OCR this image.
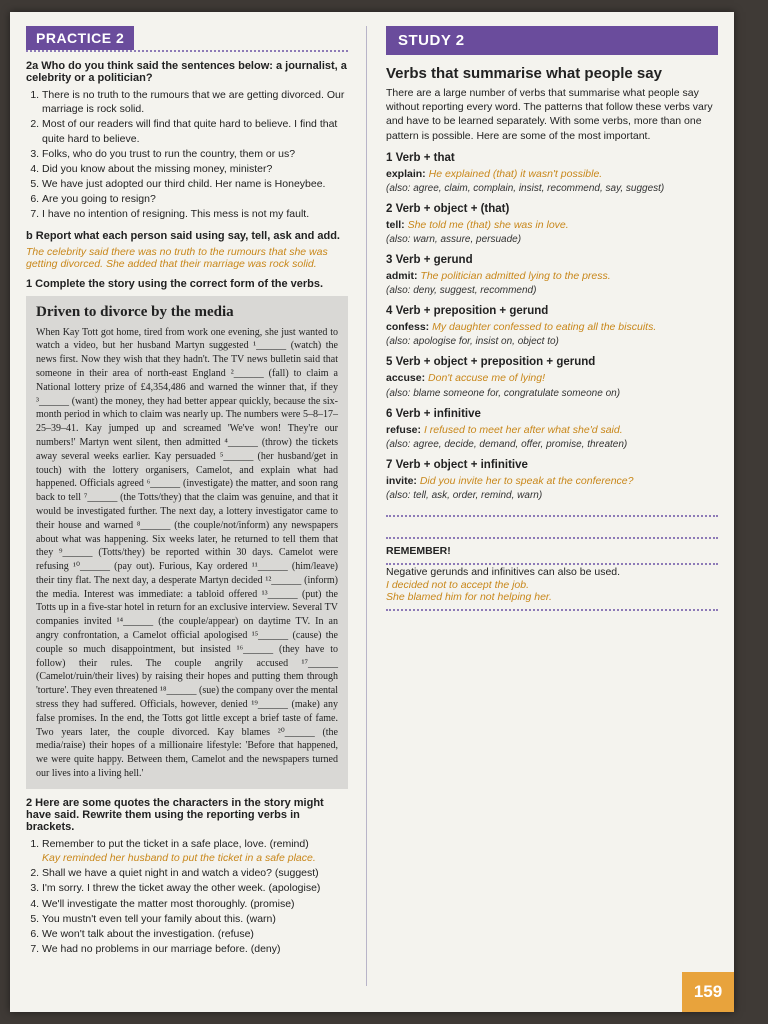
PRACTICE 2

2a Who do you think said the sentences below: a journalist, a celebrity or a politician?

1. There is no truth to the rumours that we are getting divorced. Our marriage is rock solid.
2. Most of our readers will find that quite hard to believe. I find that quite hard to believe.
3. Folks, who do you trust to run the country, them or us?
4. Did you know about the missing money, minister?
5. We have just adopted our third child. Her name is Honeybee.
6. Are you going to resign?
7. I have no intention of resigning. This mess is not my fault.

b Report what each person said using say, tell, ask and add.

The celebrity said there was no truth to the rumours that she was getting divorced. She added that their marriage was rock solid.

1 Complete the story using the correct form of the verbs.

Driven to divorce by the media

When Kay Tott got home, tired from work one evening, she just wanted to watch a video, but her husband Martyn suggested ¹______ (watch) the news first. Now they wish that they hadn't. The TV news bulletin said that someone in their area of north-east England ²______ (fall) to claim a National lottery prize of £4,354,486 and warned the winner that, if they ³______ (want) the money, they had better appear quickly, because the six-month period in which to claim was nearly up. The numbers were 5–8–17–25–39–41. Kay jumped up and screamed 'We've won! They're our numbers!' Martyn went silent, then admitted ⁴______ (throw) the tickets away several weeks earlier. Kay persuaded ⁵______ (her husband/get in touch) with the lottery organisers, Camelot, and explain what had happened. Officials agreed ⁶______ (investigate) the matter, and soon rang back to tell ⁷______ (the Totts/they) that the claim was genuine, and that it would be investigated further. The next day, a lottery investigator came to their house and warned ⁸______ (the couple/not/inform) any newspapers about what was happening. Six weeks later, he returned to tell them that they ⁹______ (Totts/they) be reported within 30 days. Camelot were refusing ¹⁰______ (pay out). Furious, Kay ordered ¹¹______ (him/leave) their tiny flat. The next day, a desperate Martyn decided ¹²______ (inform) the media. Interest was immediate: a tabloid offered ¹³______ (put) the Totts up in a five-star hotel in return for an exclusive interview. Several TV companies invited ¹⁴______ (the couple/appear) on daytime TV. In an angry confrontation, a Camelot official apologised ¹⁵______ (cause) the couple so much disappointment, but insisted ¹⁶______ (they have to follow) their rules. The couple angrily accused ¹⁷______ (Camelot/ruin/their lives) by raising their hopes and putting them through 'torture'. They even threatened ¹⁸______ (sue) the company over the mental stress they had suffered. Officials, however, denied ¹⁹______ (make) any false promises. In the end, the Totts got little except a brief taste of fame. Two years later, the couple divorced. Kay blames ²⁰______ (the media/raise) their hopes of a millionaire lifestyle: 'Before that happened, we were quite happy. Between them, Camelot and the newspapers turned our lives into a living hell.'

2 Here are some quotes the characters in the story might have said. Rewrite them using the reporting verbs in brackets.

1. Remember to put the ticket in a safe place, love. (remind)
Kay reminded her husband to put the ticket in a safe place.
2. Shall we have a quiet night in and watch a video? (suggest)
3. I'm sorry. I threw the ticket away the other week. (apologise)
4. We'll investigate the matter most thoroughly. (promise)
5. You mustn't even tell your family about this. (warn)
6. We won't talk about the investigation. (refuse)
7. We had no problems in our marriage before. (deny)
STUDY 2

Verbs that summarise what people say

There are a large number of verbs that summarise what people say without reporting every word. The patterns that follow these verbs vary and have to be learned separately. With some verbs, more than one pattern is possible. Here are some of the most important.

1 Verb + that

explain: He explained (that) it wasn't possible.

(also: agree, claim, complain, insist, recommend, say, suggest)

2 Verb + object + (that)

tell: She told me (that) she was in love.

(also: warn, assure, persuade)

3 Verb + gerund

admit: The politician admitted lying to the press.

(also: deny, suggest, recommend)

4 Verb + preposition + gerund

confess: My daughter confessed to eating all the biscuits.

(also: apologise for, insist on, object to)

5 Verb + object + preposition + gerund

accuse: Don't accuse me of lying!

(also: blame someone for, congratulate someone on)

6 Verb + infinitive

refuse: I refused to meet her after what she'd said.

(also: agree, decide, demand, offer, promise, threaten)

7 Verb + object + infinitive

invite: Did you invite her to speak at the conference?

(also: tell, ask, order, remind, warn)

REMEMBER!

Negative gerunds and infinitives can also be used.

I decided not to accept the job.

She blamed him for not helping her.

159
